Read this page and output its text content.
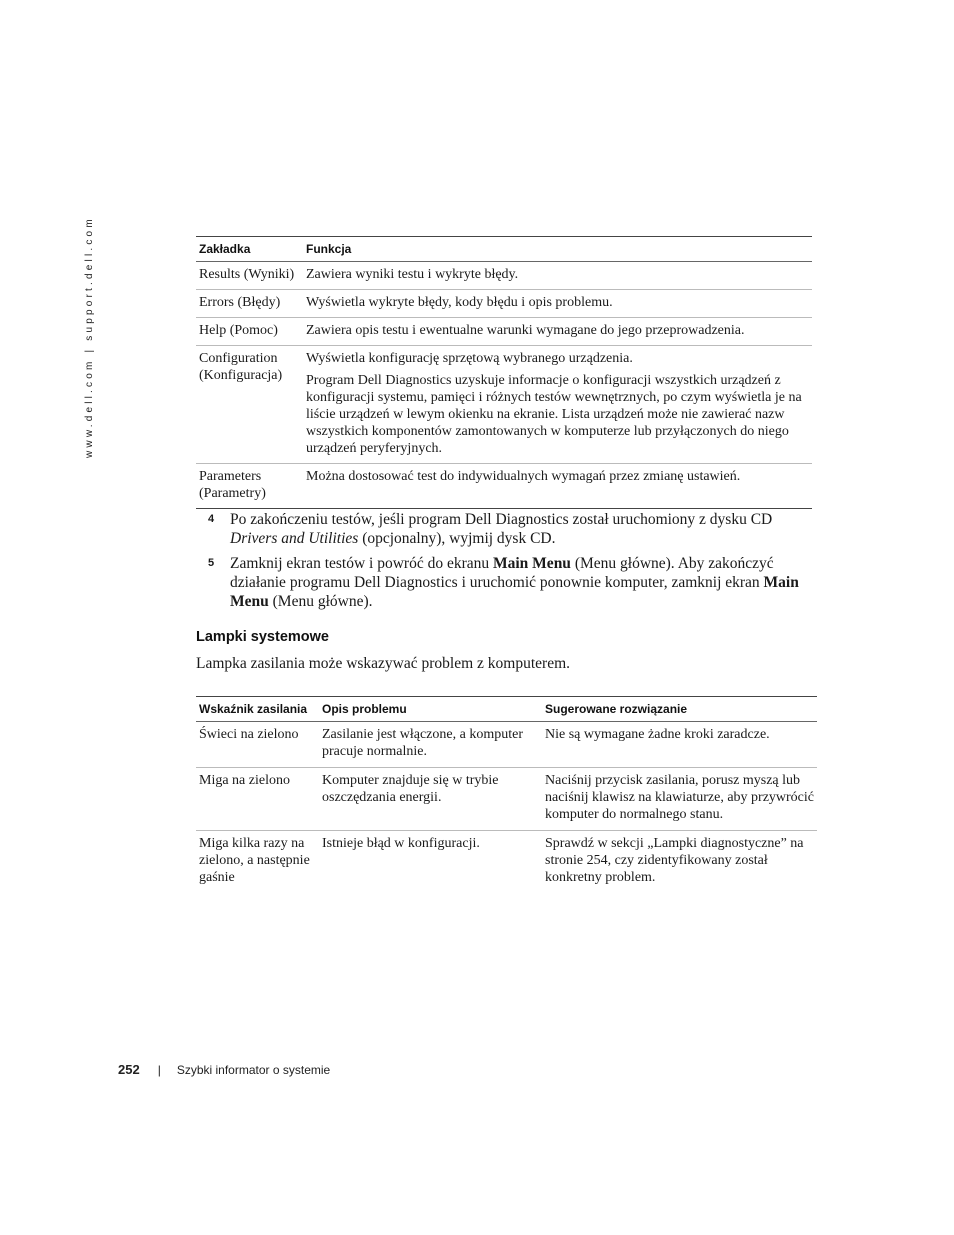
www.dell.com | support.dell.com	Zakładka	Funkcja
Results (Wyniki)	Zawiera wyniki testu i wykryte błędy.
Errors (Błędy)	Wyświetla wykryte błędy, kody błędu i opis problemu.
Help (Pomoc)	Zawiera opis testu i ewentualne warunki wymagane do jego przeprowadzenia.
Configuration (Konfiguracja)	Wyświetla konfigurację sprzętową wybranego urządzenia.
Program Dell Diagnostics uzyskuje informacje o konfiguracji wszystkich urządzeń z konfiguracji systemu, pamięci i różnych testów wewnętrznych, po czym wyświetla je na liście urządzeń w lewym okienku na ekranie. Lista urządzeń może nie zawierać nazw wszystkich komponentów zamontowanych w komputerze lub przyłączonych do niego urządzeń peryferyjnych.

Parameters (Parametry)	Można dostosować test do indywidualnych wymagań przez zmianę ustawień.
4 Po zakończeniu testów, jeśli program Dell Diagnostics został uruchomiony z dysku CD Drivers and Utilities (opcjonalny), wyjmij dysk CD.
5 Zamknij ekran testów i powróć do ekranu Main Menu (Menu główne). Aby zakończyć działanie programu Dell Diagnostics i uruchomić ponownie komputer, zamknij ekran Main Menu (Menu główne).
Lampki systemowe
Lampka zasilania może wskazywać problem z komputerem.
Wskaźnik zasilania	Opis problemu	Sugerowane rozwiązanie
Świeci na zielono	Zasilanie jest włączone, a komputer pracuje normalnie.	Nie są wymagane żadne kroki zaradcze.
Miga na zielono	Komputer znajduje się w trybie oszczędzania energii.	Naciśnij przycisk zasilania, porusz myszą lub naciśnij klawisz na klawiaturze, aby przywrócić komputer do normalnego stanu.
Miga kilka razy na zielono, a następnie gaśnie	Istnieje błąd w konfiguracji.	Sprawdź w sekcji „Lampki diagnostyczne” na stronie 254, czy zidentyfikowany został konkretny problem.
252 | Szybki informator o systemie
